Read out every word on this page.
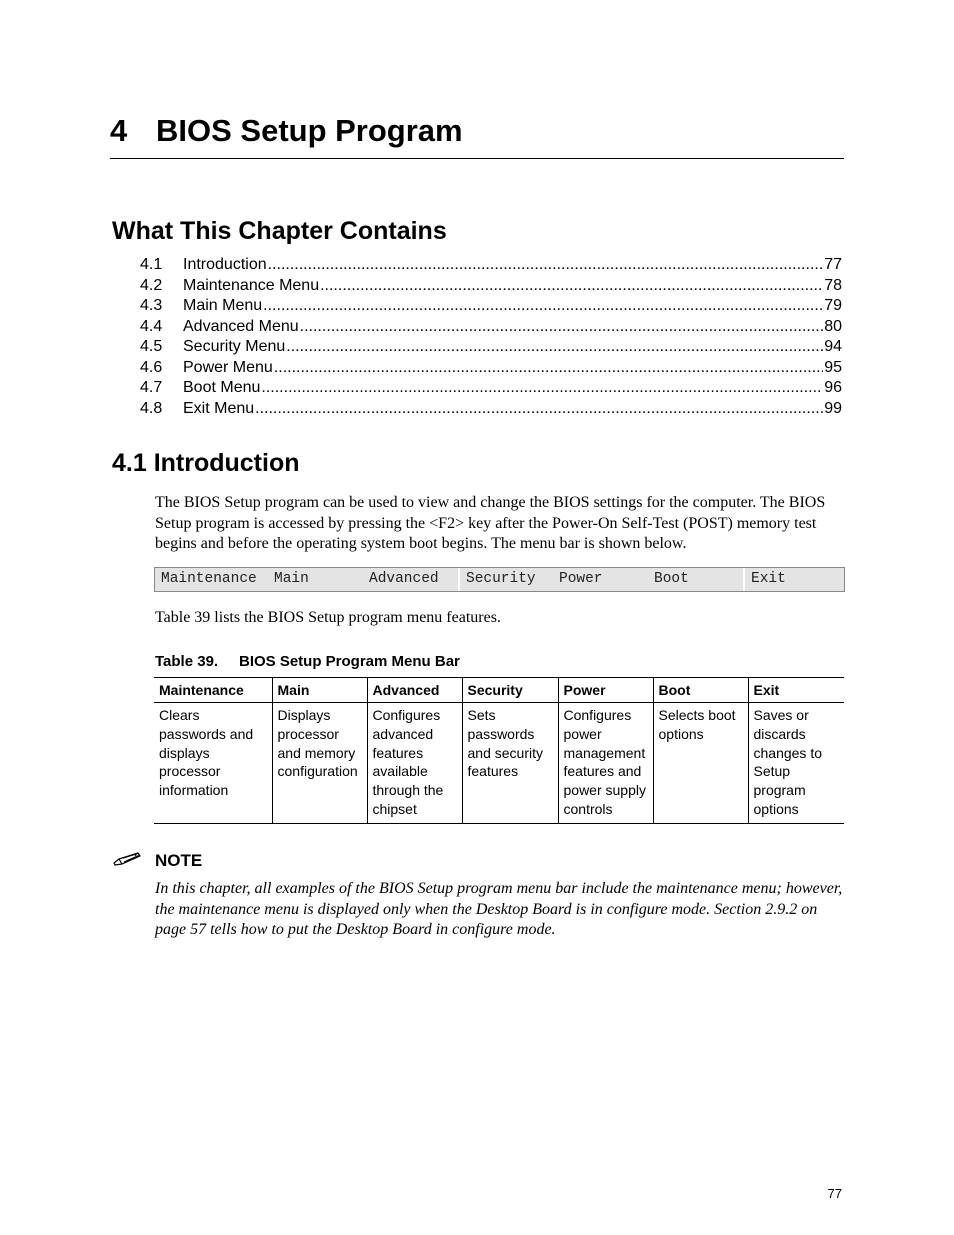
4 BIOS Setup Program
What This Chapter Contains
4.1	Introduction .....	77
4.2	Maintenance Menu .....	78
4.3	Main Menu .....	79
4.4	Advanced Menu .....	80
4.5	Security Menu .....	94
4.6	Power Menu .....	95
4.7	Boot Menu .....	96
4.8	Exit Menu .....	99
4.1 Introduction

The BIOS Setup program can be used to view and change the BIOS settings for the computer. The BIOS Setup program is accessed by pressing the <F2> key after the Power-On Self-Test (POST) memory test begins and before the operating system boot begins. The menu bar is shown below.

Maintenance	Main	Advanced	Security	Power	Boot	Exit

Table 39 lists the BIOS Setup program menu features.

Table 39. BIOS Setup Program Menu Bar

Maintenance	Main	Advanced	Security	Power	Boot	Exit
Clears passwords and displays processor information	Displays processor and memory configuration	Configures advanced features available through the chipset	Sets passwords and security features	Configures power management features and power supply controls	Selects boot options	Saves or discards changes to Setup program options

NOTE

In this chapter, all examples of the BIOS Setup program menu bar include the maintenance menu; however, the maintenance menu is displayed only when the Desktop Board is in configure mode. Section 2.9.2 on page 57 tells how to put the Desktop Board in configure mode.

77
